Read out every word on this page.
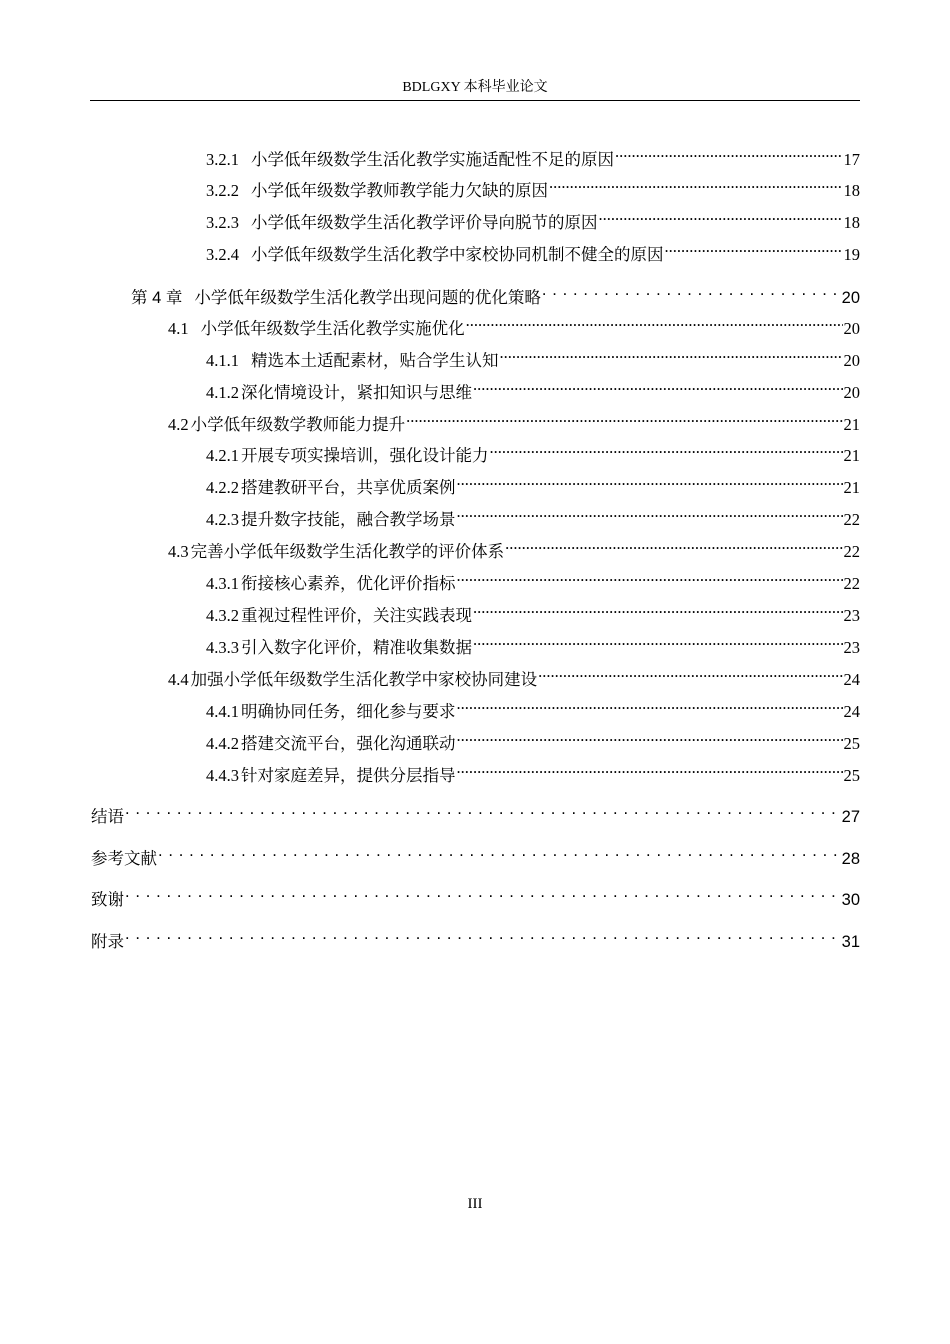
BDLGXY 本科毕业论文
3.2.1 小学低年级数学生活化教学实施适配性不足的原因 .....	17
3.2.2 小学低年级数学教师教学能力欠缺的原因 .....	18
3.2.3 小学低年级数学生活化教学评价导向脱节的原因 .....	18
3.2.4 小学低年级数学生活化教学中家校协同机制不健全的原因 .....	19
第 4 章 小学低年级数学生活化教学出现问题的优化策略 .....	20
4.1 小学低年级数学生活化教学实施优化 .....	20
4.1.1 精选本土适配素材，贴合学生认知 .....	20
4.1.2 深化情境设计，紧扣知识与思维 .....	20
4.2 小学低年级数学教师能力提升 .....	21
4.2.1 开展专项实操培训，强化设计能力 .....	21
4.2.2 搭建教研平台，共享优质案例 .....	21
4.2.3 提升数字技能，融合教学场景 .....	22
4.3 完善小学低年级数学生活化教学的评价体系 .....	22
4.3.1 衔接核心素养，优化评价指标 .....	22
4.3.2 重视过程性评价，关注实践表现 .....	23
4.3.3 引入数字化评价，精准收集数据 .....	23
4.4 加强小学低年级数学生活化教学中家校协同建设 .....	24
4.4.1 明确协同任务，细化参与要求 .....	24
4.4.2 搭建交流平台，强化沟通联动 .....	25
4.4.3 针对家庭差异，提供分层指导 .....	25
结语 .....	27
参考文献 .....	28
致谢 .....	30
附录 .....	31
III
